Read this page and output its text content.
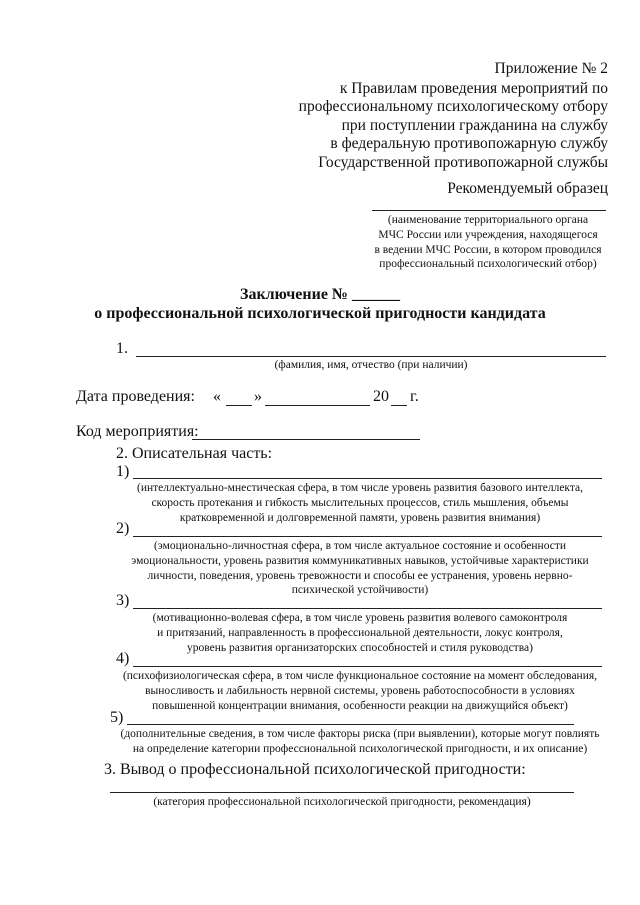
Приложение № 2
к Правилам проведения мероприятий по
профессиональному психологическому отбору
при поступлении гражданина на службу
в федеральную противопожарную службу
Государственной противопожарной службы
Рекомендуемый образец
(наименование территориального органа
МЧС России или учреждения, находящегося
в ведении МЧС России, в котором проводился
профессиональный психологический отбор)
Заключение № ______
о профессиональной психологической пригодности кандидата
1.
(фамилия, имя, отчество (при наличии)
Дата проведения: « »	20 г.
Код мероприятия:
2. Описательная часть:
1)
(интеллектуально-мнестическая сфера, в том числе уровень развития базового интеллекта,
скорость протекания и гибкость мыслительных процессов, стиль мышления, объемы
кратковременной и долговременной памяти, уровень развития внимания)
2)
(эмоционально-личностная сфера, в том числе актуальное состояние и особенности
эмоциональности, уровень развития коммуникативных навыков, устойчивые характеристики
личности, поведения, уровень тревожности и способы ее устранения, уровень нервно-
психической устойчивости)
3)
(мотивационно-волевая сфера, в том числе уровень развития волевого самоконтроля
и притязаний, направленность в профессиональной деятельности, локус контроля,
уровень развития организаторских способностей и стиля руководства)
4)
(психофизиологическая сфера, в том числе функциональное состояние на момент обследования,
выносливость и лабильность нервной системы, уровень работоспособности в условиях
повышенной концентрации внимания, особенности реакции на движущийся объект)
5)
(дополнительные сведения, в том числе факторы риска (при выявлении), которые могут повлиять
на определение категории профессиональной психологической пригодности, и их описание)
3. Вывод о профессиональной психологической пригодности:
(категория профессиональной психологической пригодности, рекомендация)
